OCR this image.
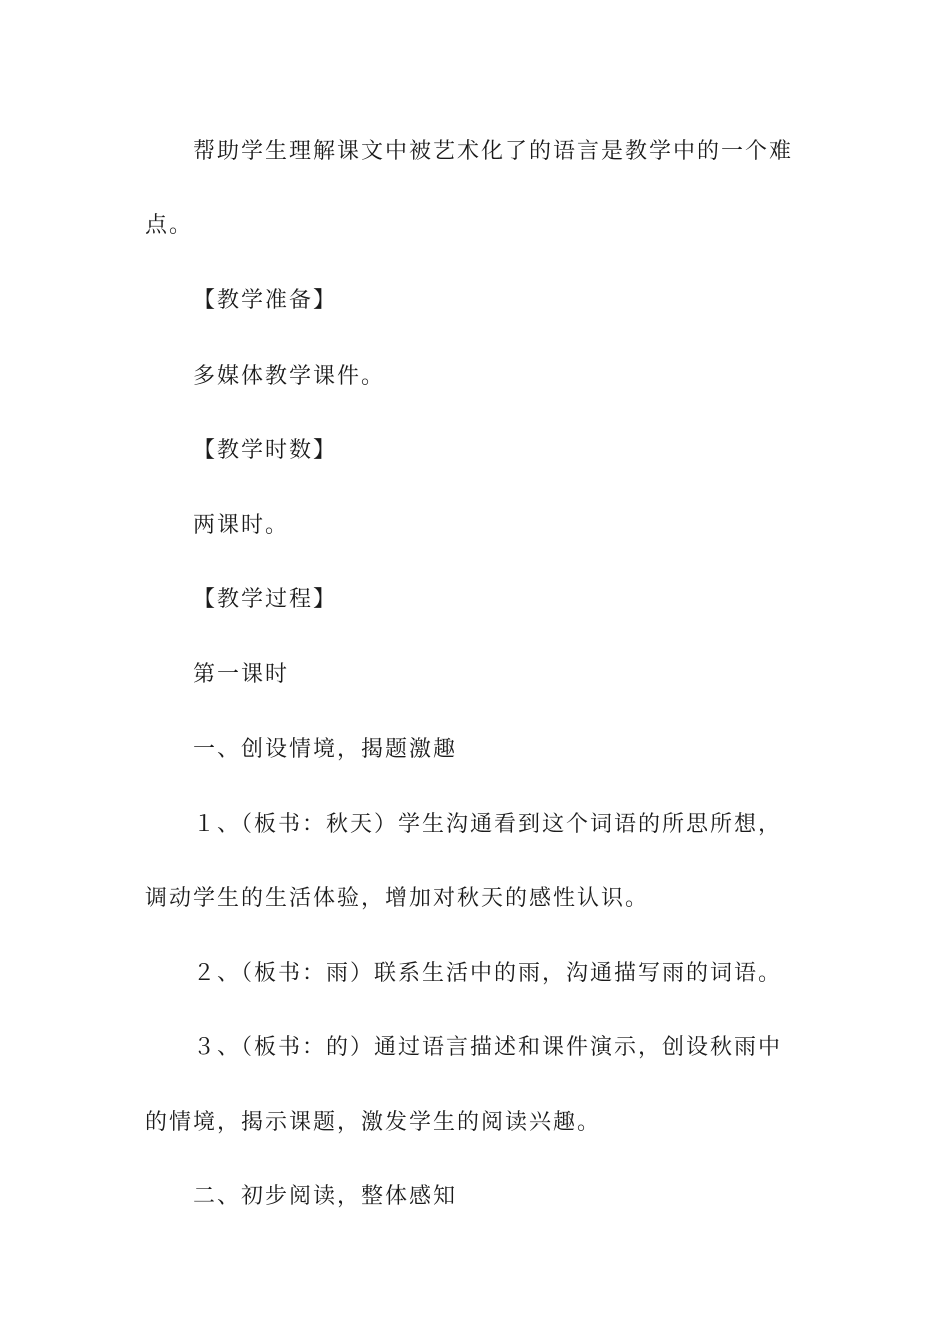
帮助学生理解课文中被艺术化了的语言是教学中的一个难
点。
【教学准备】
多媒体教学课件。
【教学时数】
两课时。
【教学过程】
第一课时
一、创设情境，揭题激趣
１、（板书：秋天）学生沟通看到这个词语的所思所想，
调动学生的生活体验，增加对秋天的感性认识。
２、（板书：雨）联系生活中的雨，沟通描写雨的词语。
３、（板书：的）通过语言描述和课件演示，创设秋雨中
的情境，揭示课题，激发学生的阅读兴趣。
二、初步阅读，整体感知
